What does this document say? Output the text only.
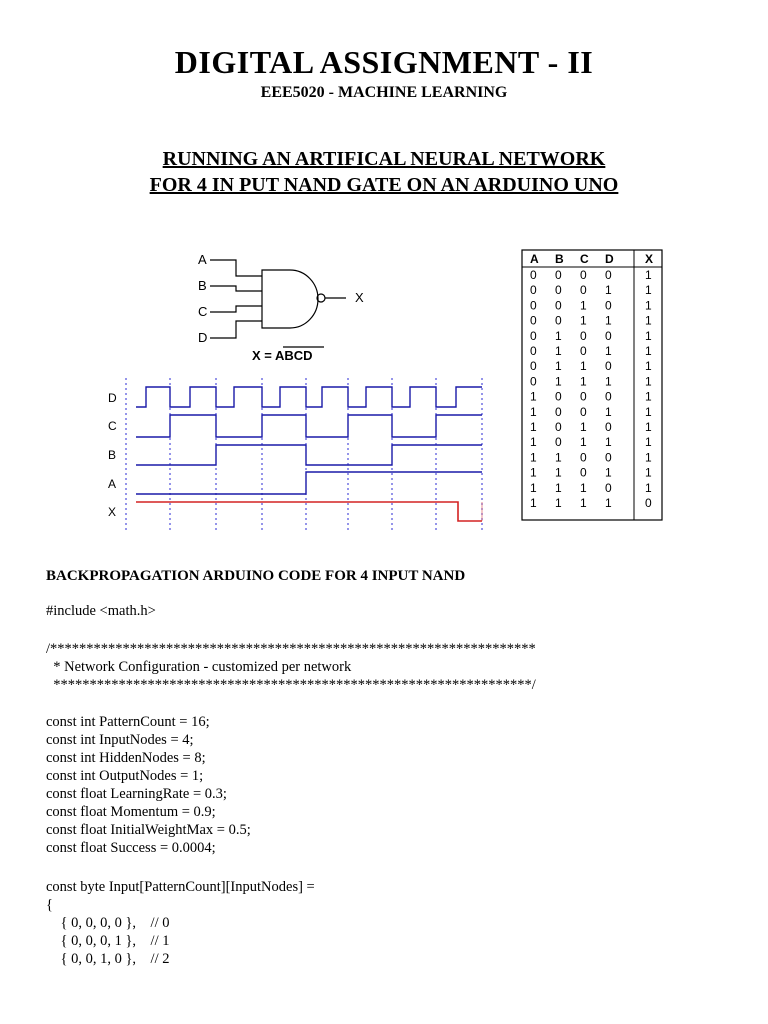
DIGITAL ASSIGNMENT - II
EEE5020 - MACHINE LEARNING
RUNNING AN ARTIFICAL NEURAL NETWORK
FOR 4 IN PUT NAND GATE ON AN ARDUINO UNO
A
B
C
D
X
X = ABCD
D
C
B
A
X
A B C D	X
0 0 0 0	1
0 0 0 1	1
0 0 1 0	1
0 0 1 1	1
0 1 0 0	1
0 1 0 1	1
0 1 1 0	1
0 1 1 1	1
1 0 0 0	1
1 0 0 1	1
1 0 1 0	1
1 0 1 1	1
1 1 0 0	1
1 1 0 1	1
1 1 1 0	1
1 1 1 1	0
BACKPROPAGATION ARDUINO CODE FOR 4 INPUT NAND
#include <math.h>
/*******************************************************************
* Network Configuration - customized per network
******************************************************************/
const int PatternCount = 16;
const int InputNodes = 4;
const int HiddenNodes = 8;
const int OutputNodes = 1;
const float LearningRate = 0.3;
const float Momentum = 0.9;
const float InitialWeightMax = 0.5;
const float Success = 0.0004;
const byte Input[PatternCount][InputNodes] =
{
{ 0, 0, 0, 0 },    // 0
{ 0, 0, 0, 1 },    // 1
{ 0, 0, 1, 0 },    // 2
